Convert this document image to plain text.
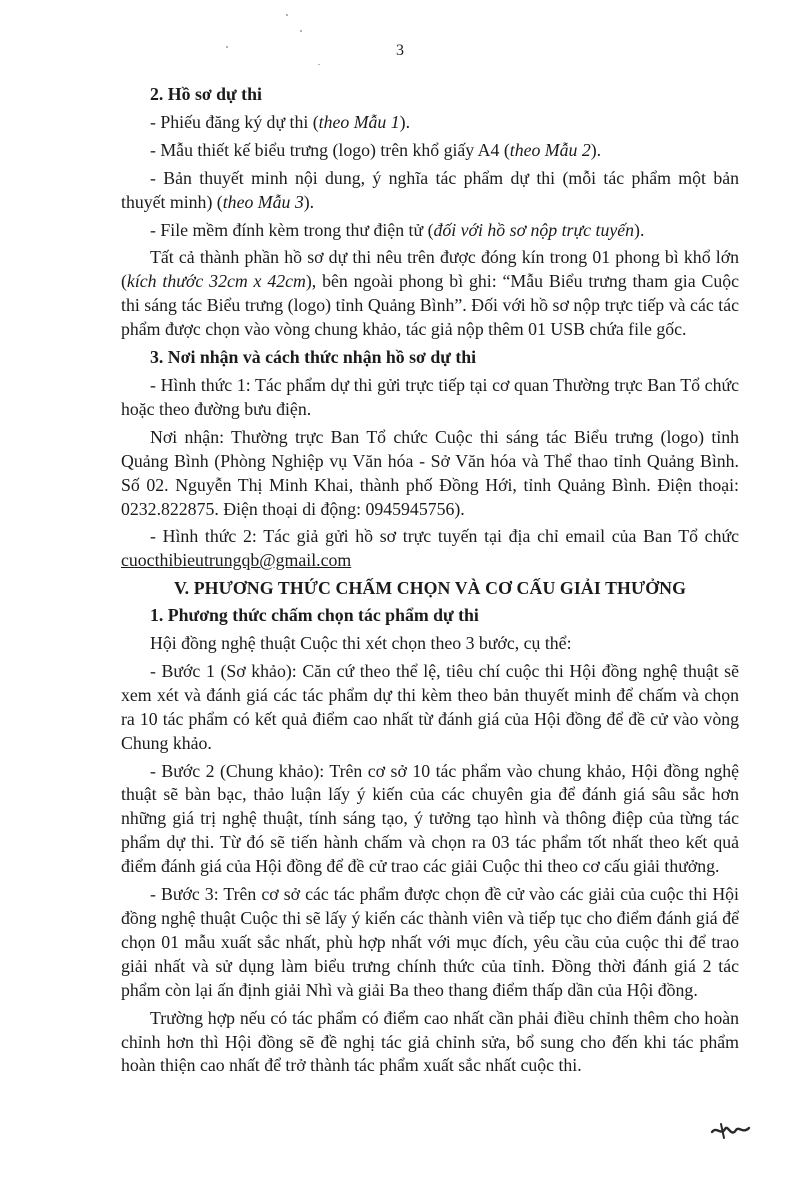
3

2. Hồ sơ dự thi

- Phiếu đăng ký dự thi (theo Mẫu 1).

- Mẫu thiết kế biểu trưng (logo) trên khổ giấy A4 (theo Mẫu 2).

- Bản thuyết minh nội dung, ý nghĩa tác phẩm dự thi (mỗi tác phẩm một bản thuyết minh) (theo Mẫu 3).

- File mềm đính kèm trong thư điện tử (đối với hồ sơ nộp trực tuyến).

Tất cả thành phần hồ sơ dự thi nêu trên được đóng kín trong 01 phong bì khổ lớn (kích thước 32cm x 42cm), bên ngoài phong bì ghi: “Mẫu Biểu trưng tham gia Cuộc thi sáng tác Biểu trưng (logo) tỉnh Quảng Bình”. Đối với hồ sơ nộp trực tiếp và các tác phẩm được chọn vào vòng chung khảo, tác giả nộp thêm 01 USB chứa file gốc.

3. Nơi nhận và cách thức nhận hồ sơ dự thi

- Hình thức 1: Tác phẩm dự thi gửi trực tiếp tại cơ quan Thường trực Ban Tổ chức hoặc theo đường bưu điện.

Nơi nhận: Thường trực Ban Tổ chức Cuộc thi sáng tác Biểu trưng (logo) tỉnh Quảng Bình (Phòng Nghiệp vụ Văn hóa - Sở Văn hóa và Thể thao tỉnh Quảng Bình. Số 02. Nguyễn Thị Minh Khai, thành phố Đồng Hới, tỉnh Quảng Bình. Điện thoại: 0232.822875. Điện thoại di động: 0945945756).

- Hình thức 2: Tác giả gửi hồ sơ trực tuyến tại địa chỉ email của Ban Tổ chức cuocthibieutrungqb@gmail.com

V. PHƯƠNG THỨC CHẤM CHỌN VÀ CƠ CẤU GIẢI THƯỞNG

1. Phương thức chấm chọn tác phẩm dự thi

Hội đồng nghệ thuật Cuộc thi xét chọn theo 3 bước, cụ thể:

- Bước 1 (Sơ khảo): Căn cứ theo thể lệ, tiêu chí cuộc thi Hội đồng nghệ thuật sẽ xem xét và đánh giá các tác phẩm dự thi kèm theo bản thuyết minh để chấm và chọn ra 10 tác phẩm có kết quả điểm cao nhất từ đánh giá của Hội đồng để đề cử vào vòng Chung khảo.

- Bước 2 (Chung khảo): Trên cơ sở 10 tác phẩm vào chung khảo, Hội đồng nghệ thuật sẽ bàn bạc, thảo luận lấy ý kiến của các chuyên gia để đánh giá sâu sắc hơn những giá trị nghệ thuật, tính sáng tạo, ý tưởng tạo hình và thông điệp của từng tác phẩm dự thi. Từ đó sẽ tiến hành chấm và chọn ra 03 tác phẩm tốt nhất theo kết quả điểm đánh giá của Hội đồng để đề cử trao các giải Cuộc thi theo cơ cấu giải thưởng.

- Bước 3: Trên cơ sở các tác phẩm được chọn đề cử vào các giải của cuộc thi Hội đồng nghệ thuật Cuộc thi sẽ lấy ý kiến các thành viên và tiếp tục cho điểm đánh giá để chọn 01 mẫu xuất sắc nhất, phù hợp nhất với mục đích, yêu cầu của cuộc thi để trao giải nhất và sử dụng làm biểu trưng chính thức của tỉnh. Đồng thời đánh giá 2 tác phẩm còn lại ấn định giải Nhì và giải Ba theo thang điểm thấp dần của Hội đồng.

Trường hợp nếu có tác phẩm có điểm cao nhất cần phải điều chỉnh thêm cho hoàn chỉnh hơn thì Hội đồng sẽ đề nghị tác giả chỉnh sửa, bổ sung cho đến khi tác phẩm hoàn thiện cao nhất để trở thành tác phẩm xuất sắc nhất cuộc thi.
